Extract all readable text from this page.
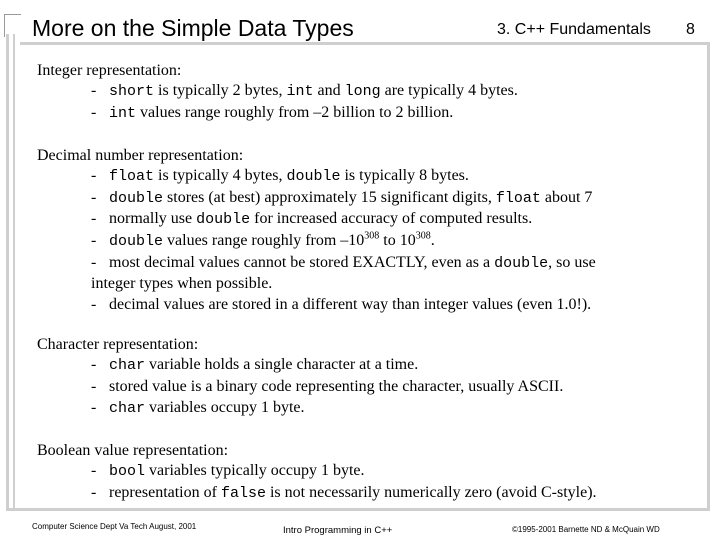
More on the Simple Data Types	3. C++ Fundamentals 8
Integer representation:
- short is typically 2 bytes, int and long are typically 4 bytes.
- int values range roughly from –2 billion to 2 billion.
Decimal number representation:
- float is typically 4 bytes, double is typically 8 bytes.
- double stores (at best) approximately 15 significant digits, float about 7
- normally use double for increased accuracy of computed results.
- double values range roughly from $-10^{308}$ to $10^{308}$.
- most decimal values cannot be stored EXACTLY, even as a double, so use
integer types when possible.
- decimal values are stored in a different way than integer values (even 1.0!).
Character representation:
- char variable holds a single character at a time.
- stored value is a binary code representing the character, usually ASCII.
- char variables occupy 1 byte.
Boolean value representation:
- bool variables typically occupy 1 byte.
- representation of false is not necessarily numerically zero (avoid C-style).
Computer Science Dept Va Tech August, 2001	Intro Programming in C++	©1995-2001 Barnette ND & McQuain WD
